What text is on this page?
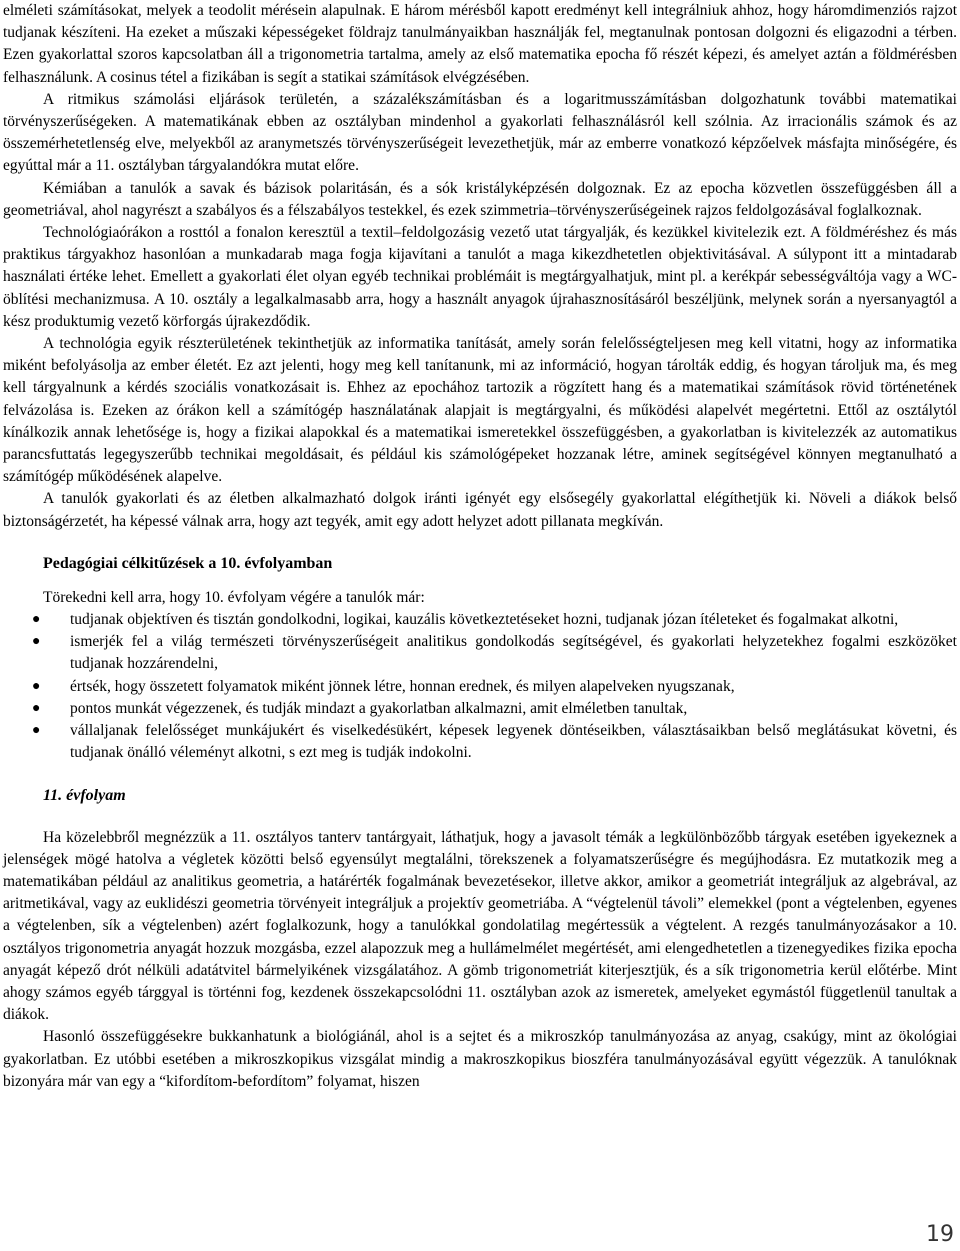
elméleti számításokat, melyek a teodolit mérésein alapulnak. E három mérésből kapott eredményt kell integrálniuk ahhoz, hogy háromdimenziós rajzot tudjanak készíteni. Ha ezeket a műszaki képességeket földrajz tanulmányaikban használják fel, megtanulnak pontosan dolgozni és eligazodni a térben. Ezen gyakorlattal szoros kapcsolatban áll a trigonometria tartalma, amely az első matematika epocha fő részét képezi, és amelyet aztán a földmérésben felhasználunk. A cosinus tétel a fizikában is segít a statikai számítások elvégzésében.

A ritmikus számolási eljárások területén, a százalékszámításban és a logaritmusszámításban dolgozhatunk további matematikai törvényszerűségeken. A matematikának ebben az osztályban mindenhol a gyakorlati felhasználásról kell szólnia. Az irracionális számok és az összemérhetetlenség elve, melyekből az aranymetszés törvényszerűségeit levezethetjük, már az emberre vonatkozó képzőelvek másfajta minőségére, és egyúttal már a 11. osztályban tárgyalandókra mutat előre.

Kémiában a tanulók a savak és bázisok polaritásán, és a sók kristályképzésén dolgoznak. Ez az epocha közvetlen összefüggésben áll a geometriával, ahol nagyrészt a szabályos és a félszabályos testekkel, és ezek szimmetria–törvényszerűségeinek rajzos feldolgozásával foglalkoznak.

Technológiaórákon a rosttól a fonalon keresztül a textil–feldolgozásig vezető utat tárgyalják, és kezükkel kivitelezik ezt. A földméréshez és más praktikus tárgyakhoz hasonlóan a munkadarab maga fogja kijavítani a tanulót a maga kikezdhetetlen objektivitásával. A súlypont itt a mintadarab használati értéke lehet. Emellett a gyakorlati élet olyan egyéb technikai problémáit is megtárgyalhatjuk, mint pl. a kerékpár sebességváltója vagy a WC-öblítési mechanizmusa. A 10. osztály a legalkalmasabb arra, hogy a használt anyagok újrahasznosításáról beszéljünk, melynek során a nyersanyagtól a kész produktumig vezető körforgás újrakezdődik.

A technológia egyik részterületének tekinthetjük az informatika tanítását, amely során felelősségteljesen meg kell vitatni, hogy az informatika miként befolyásolja az ember életét. Ez azt jelenti, hogy meg kell tanítanunk, mi az információ, hogyan tárolták eddig, és hogyan tároljuk ma, és meg kell tárgyalnunk a kérdés szociális vonatkozásait is. Ehhez az epochához tartozik a rögzített hang és a matematikai számítások rövid történetének felvázolása is. Ezeken az órákon kell a számítógép használatának alapjait is megtárgyalni, és működési alapelvét megértetni. Ettől az osztálytól kínálkozik annak lehetősége is, hogy a fizikai alapokkal és a matematikai ismeretekkel összefüggésben, a gyakorlatban is kivitelezzék az automatikus parancsfuttatás legegyszerűbb technikai megoldásait, és például kis számológépeket hozzanak létre, aminek segítségével könnyen megtanulható a számítógép működésének alapelve.

A tanulók gyakorlati és az életben alkalmazható dolgok iránti igényét egy elsősegély gyakorlattal elégíthetjük ki. Növeli a diákok belső biztonságérzetét, ha képessé válnak arra, hogy azt tegyék, amit egy adott helyzet adott pillanata megkíván.

Pedagógiai célkitűzések a 10. évfolyamban

Törekedni kell arra, hogy 10. évfolyam végére a tanulók már:

● tudjanak objektíven és tisztán gondolkodni, logikai, kauzális következtetéseket hozni, tudjanak józan ítéleteket és fogalmakat alkotni,
● ismerjék fel a világ természeti törvényszerűségeit analitikus gondolkodás segítségével, és gyakorlati helyzetekhez fogalmi eszközöket tudjanak hozzárendelni,
● értsék, hogy összetett folyamatok miként jönnek létre, honnan erednek, és milyen alapelveken nyugszanak,
● pontos munkát végezzenek, és tudják mindazt a gyakorlatban alkalmazni, amit elméletben tanultak,
● vállaljanak felelősséget munkájukért és viselkedésükért, képesek legyenek döntéseikben, választásaikban belső meglátásukat követni, és tudjanak önálló véleményt alkotni, s ezt meg is tudják indokolni.
11. évfolyam

Ha közelebbről megnézzük a 11. osztályos tanterv tantárgyait, láthatjuk, hogy a javasolt témák a legkülönbözőbb tárgyak esetében igyekeznek a jelenségek mögé hatolva a végletek közötti belső egyensúlyt megtalálni, törekszenek a folyamatszerűségre és megújhodásra. Ez mutatkozik meg a matematikában például az analitikus geometria, a határérték fogalmának bevezetésekor, illetve akkor, amikor a geometriát integráljuk az algebrával, az aritmetikával, vagy az euklidészi geometria törvényeit integráljuk a projektív geometriába. A “végtelenül távoli” elemekkel (pont a végtelenben, egyenes a végtelenben, sík a végtelenben) azért foglalkozunk, hogy a tanulókkal gondolatilag megértessük a végtelent. A rezgés tanulmányozásakor a 10. osztályos trigonometria anyagát hozzuk mozgásba, ezzel alapozzuk meg a hullámelmélet megértését, ami elengedhetetlen a tizenegyedikes fizika epocha anyagát képező drót nélküli adatátvitel bármelyikének vizsgálatához. A gömb trigonometriát kiterjesztjük, és a sík trigonometria kerül előtérbe. Mint ahogy számos egyéb tárggyal is történni fog, kezdenek összekapcsolódni 11. osztályban azok az ismeretek, amelyeket egymástól függetlenül tanultak a diákok.

Hasonló összefüggésekre bukkanhatunk a biológiánál, ahol is a sejtet és a mikroszkóp tanulmányozása az anyag, csakúgy, mint az ökológiai gyakorlatban. Ez utóbbi esetében a mikroszkopikus vizsgálat mindig a makroszkopikus bioszféra tanulmányozásával együtt végezzük. A tanulóknak bizonyára már van egy a “kifordítom-befordítom” folyamat, hiszen

19
